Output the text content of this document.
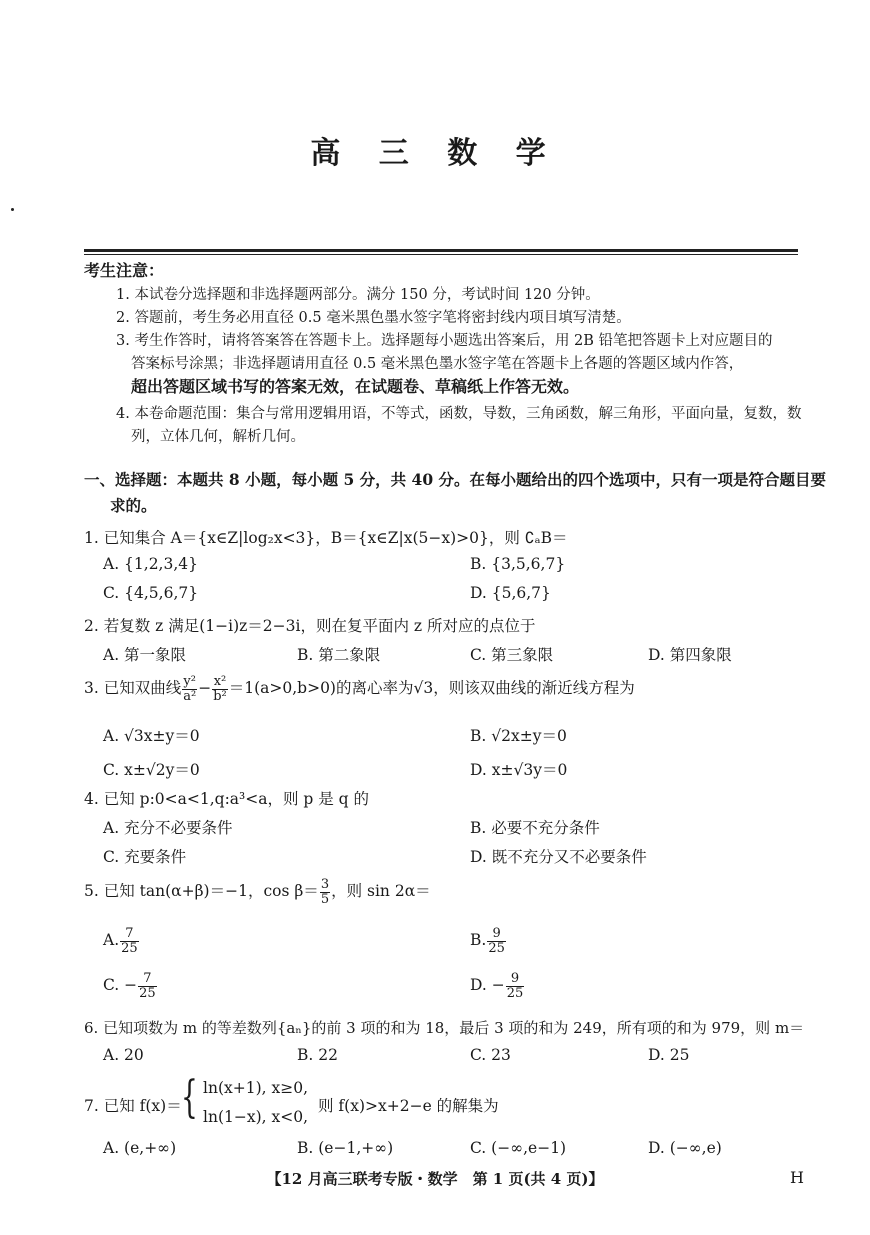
高 三 数 学
考生注意：
1. 本试卷分选择题和非选择题两部分。满分 150 分，考试时间 120 分钟。
2. 答题前，考生务必用直径 0.5 毫米黑色墨水签字笔将密封线内项目填写清楚。
3. 考生作答时，请将答案答在答题卡上。选择题每小题选出答案后，用 2B 铅笔把答题卡上对应题目的
答案标号涂黑；非选择题请用直径 0.5 毫米黑色墨水签字笔在答题卡上各题的答题区域内作答，
超出答题区域书写的答案无效，在试题卷、草稿纸上作答无效。
4. 本卷命题范围：集合与常用逻辑用语，不等式，函数，导数，三角函数，解三角形，平面向量，复数，数
列，立体几何，解析几何。
一、选择题：本题共 8 小题，每小题 5 分，共 40 分。在每小题给出的四个选项中，只有一项是符合题目要
求的。
1. 已知集合 A＝{x∈Z|log₂x<3}，B＝{x∈Z|x(5−x)>0}，则 ∁ₐB＝
A. {1,2,3,4}	B. {3,5,6,7}
C. {4,5,6,7}	D. {5,6,7}
2. 若复数 z 满足(1−i)z＝2−3i，则在复平面内 z 所对应的点位于
A. 第一象限	B. 第二象限	C. 第三象限	D. 第四象限
3. 已知双曲线 $\frac{\text{y²}}{\text{a²}} - \frac{\text{x²}}{\text{b²}} =1(a>0,b>0)$的离心率为√3，则该双曲线的渐近线方程为
A. √3x±y＝0	B. √2x±y＝0
C. x±√2y＝0	D. x±√3y＝0
4. 已知 p:0<a<1,q:a³<a，则 p 是 q 的
A. 充分不必要条件	B. 必要不充分条件
C. 充要条件	D. 既不充分又不必要条件
5. 已知 tan(α+β)＝−1，$\cos \beta= \frac{3}{5}$ ，则 sin 2α＝
A. $\frac{7}{25}$	B. $\frac{9}{25}$
C. − $\frac{7}{25}$	D. − $\frac{9}{25}$
6. 已知项数为 m 的等差数列{aₙ}的前 3 项的和为 18，最后 3 项的和为 249，所有项的和为 979，则 m＝
A. 20	B. 22	C. 23	D. 25
7. 已知 f(x)＝ { ln(x+1), x≥0,
ln(1−x), x<0,
则 f(x)>x+2−e 的解集为
A. (e,+∞)	B. (e−1,+∞)	C. (−∞,e−1)	D. (−∞,e)
【12 月高三联考专版・数学　第 1 页(共 4 页)】	H
